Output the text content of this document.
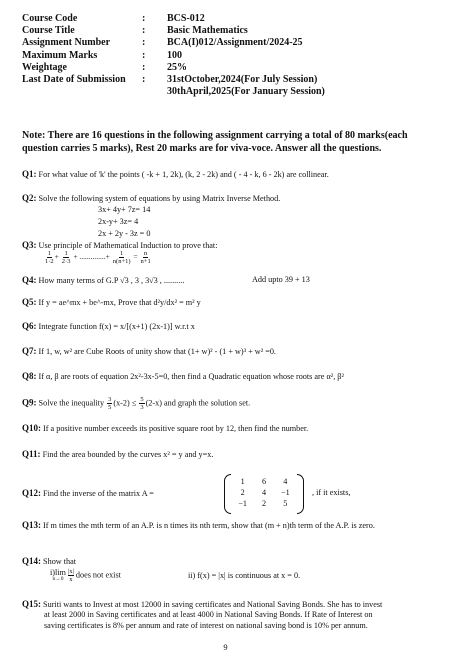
Course Code	:	BCS-012
Course Title	:	Basic Mathematics
Assignment Number	:	BCA(I)012/Assignment/2024-25
Maximum Marks	:	100
Weightage	:	25%
Last Date of Submission	:	31stOctober,2024(For July Session)
30thApril,2025(For January Session)
Note: There are 16 questions in the following assignment carrying a total of 80 marks(each question carries 5 marks), Rest 20 marks are for viva-voce. Answer all the questions.
Q1: For what value of 'k' the points ( -k + 1, 2k), (k, 2 - 2k) and ( - 4 - k, 6 - 2k) are collinear.
Q2: Solve the following system of equations by using Matrix Inverse Method.
3x+ 4y+ 7z= 14
2x-y+ 3z= 4
2x + 2y - 3z = 0
Q3: Use principle of Mathematical Induction to prove that:
$\frac{1}{1\cdot 2} + \frac{1}{2\cdot 3}$ + ..............+ $\frac{1}{n(n+1)} = \frac{n}{n+1}$
Q4: How many terms of G.P √3 , 3 , 3√3 , ..........	Add upto 39 + 13
Q5: If y = ae^mx + be^-mx, Prove that d²y/dx² = m² y
Q6: Integrate function f(x) = x/[(x+1) (2x-1)] w.r.t x
Q7: If 1, w, w² are Cube Roots of unity show that (1+ w)² - (1 + w)³ + w² =0.
Q8: If α, β are roots of equation 2x²-3x-5=0, then find a Quadratic equation whose roots are α², β²
Q9: Solve the inequality $\frac{3}{5} (x-2) \le \frac{5}{3} (2-x)$ and graph the solution set.
Q10: If a positive number exceeds its positive square root by 12, then find the number.
Q11: Find the area bounded by the curves x² = y and y=x.
Q12: Find the inverse of the matrix A =
1	6	4
2	4	−1
−1	2	5
, if it exists,
Q13: If m times the mth term of an A.P. is n times its nth term, show that (m + n)th term of the A.P. is zero.
Q14: Show that
i)lim
n→0
$\frac{|x|}{x}$ does not exist	ii) f(x) = |x| is continuous at x = 0.
Q15: Suriti wants to Invest at most 12000 in saving certificates and National Saving Bonds. She has to invest
at least 2000 in Saving certificates and at least 4000 in National Saving Bonds. If Rate of Interest on
saving certificates is 8% per annum and rate of interest on national saving bond is 10% per annum.
9
